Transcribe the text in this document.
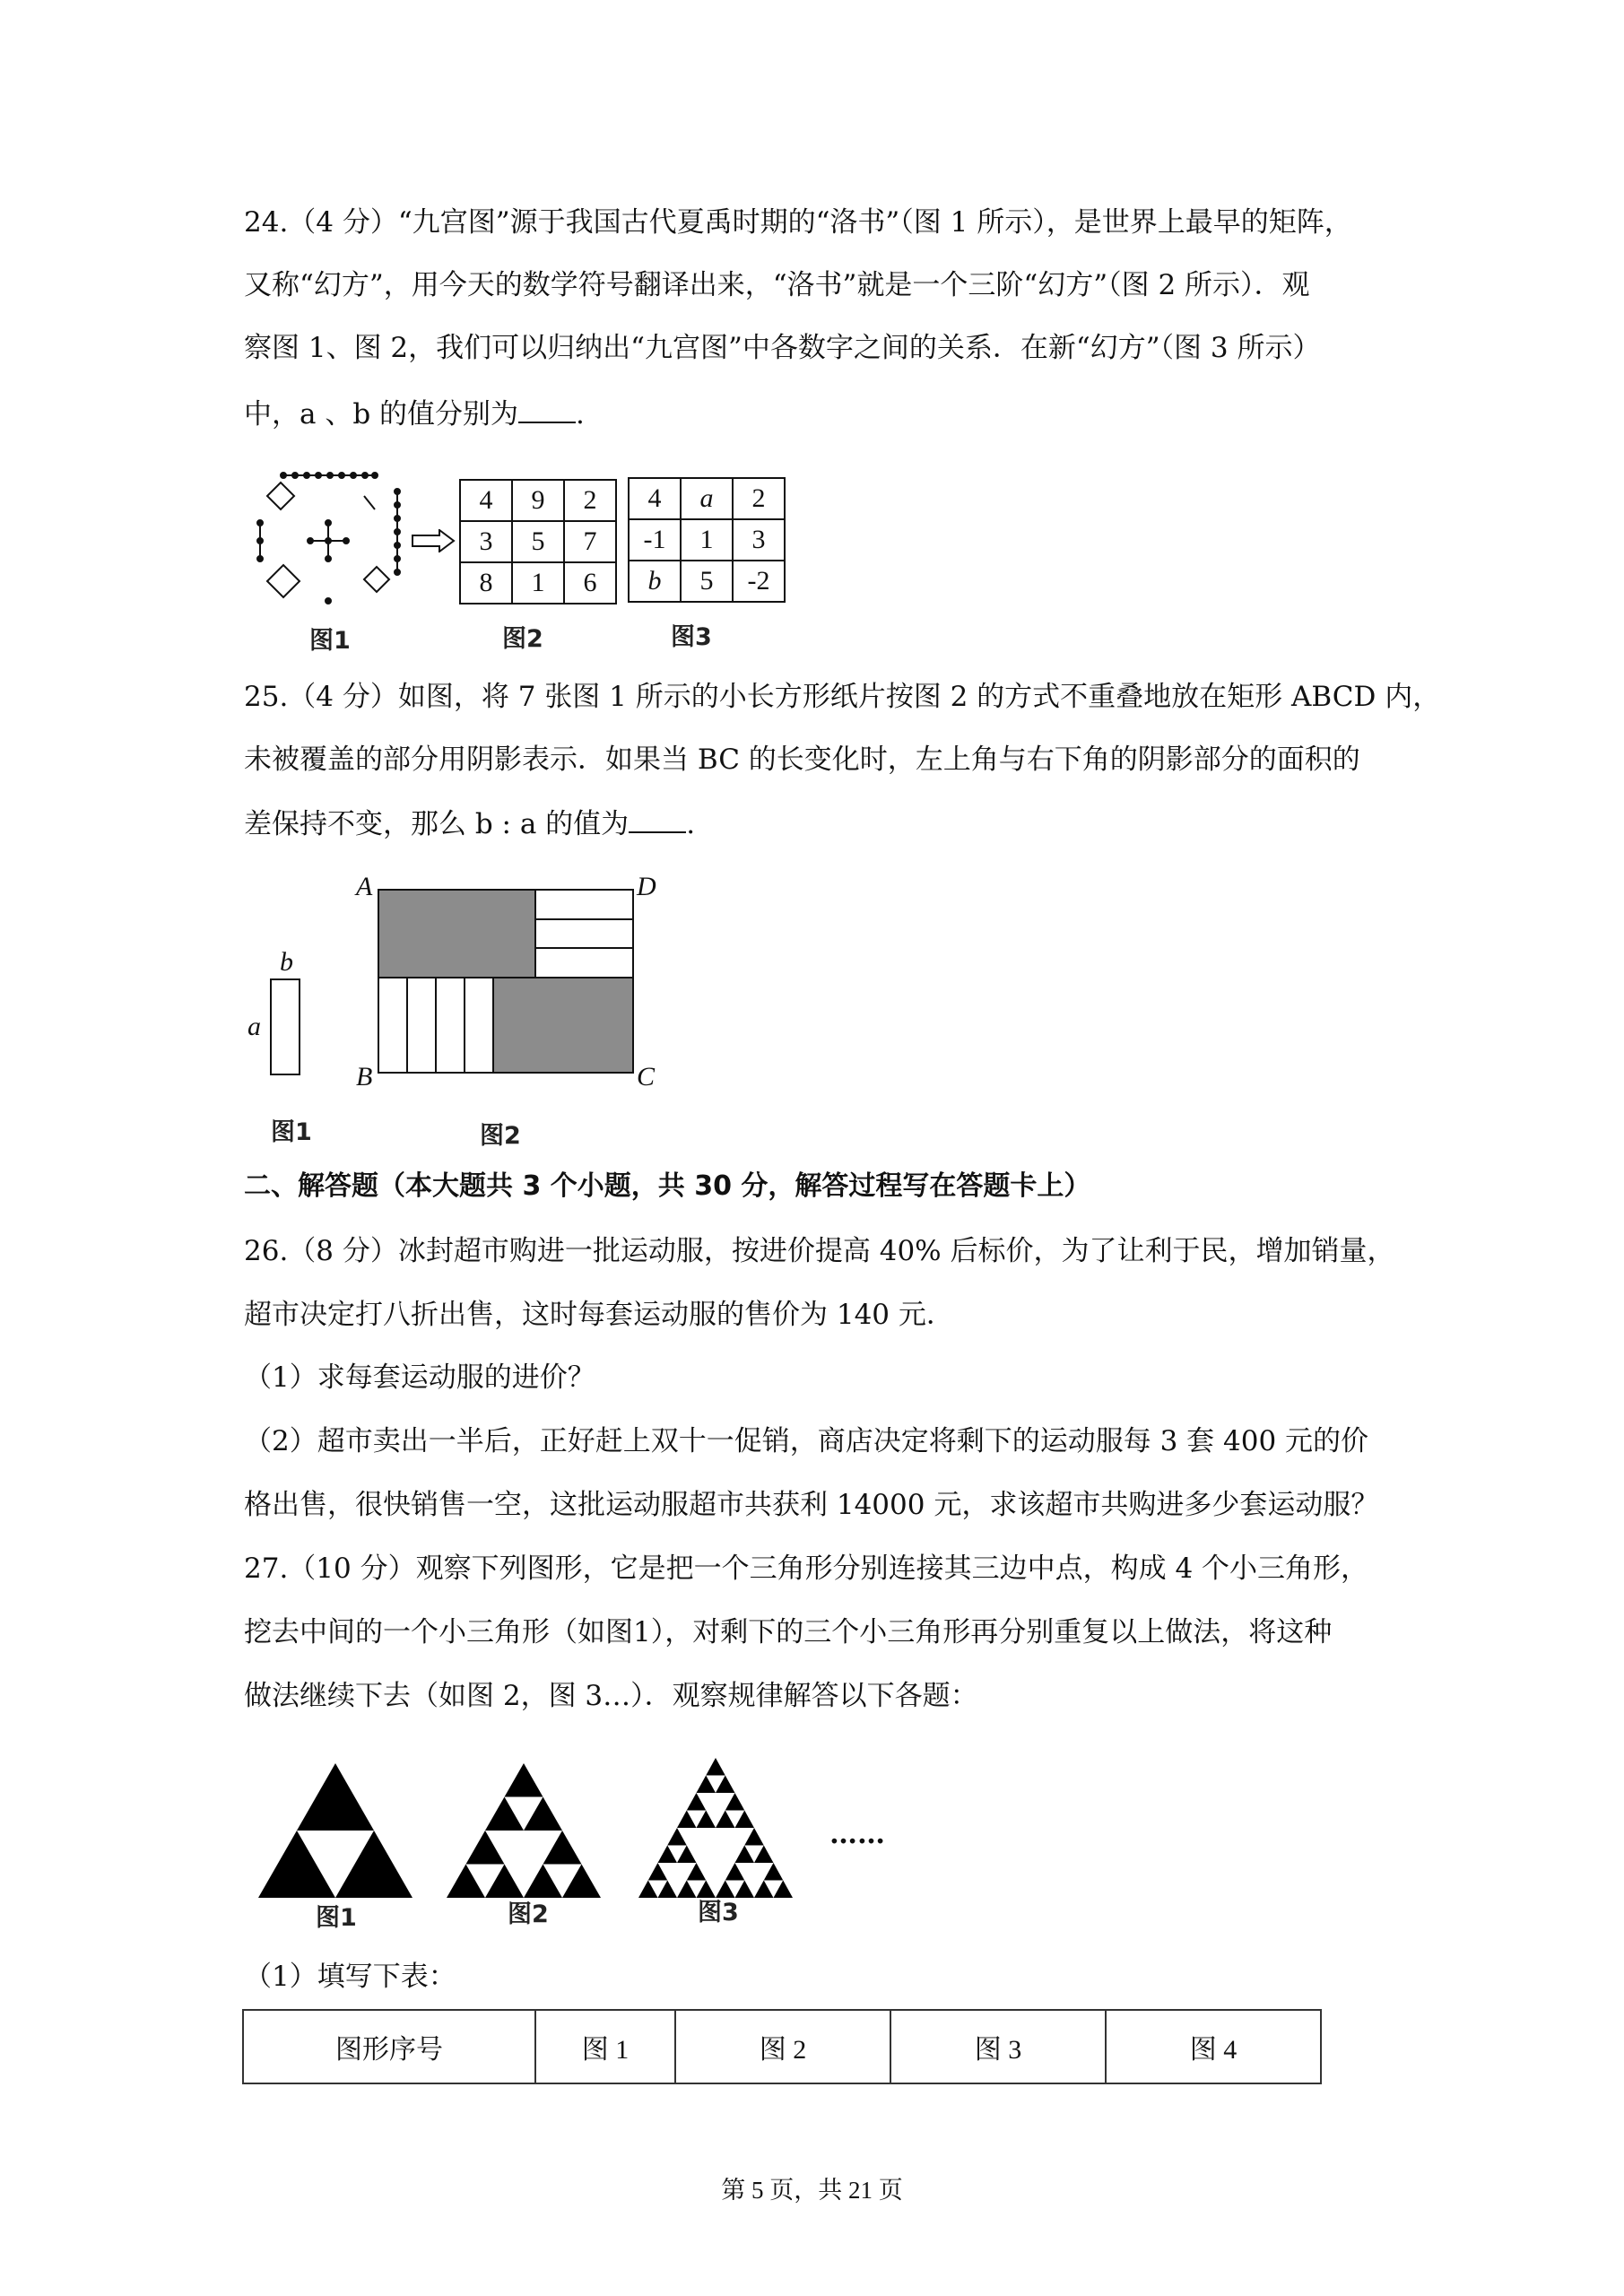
24.（4 分）“九宫图”源于我国古代夏禹时期的“洛书”（图 1 所示），是世界上最早的矩阵，
又称“幻方”，用今天的数学符号翻译出来，“洛书”就是一个三阶“幻方”（图 2 所示）．观
察图 1、图 2，我们可以归纳出“九宫图”中各数字之间的关系．在新“幻方”（图 3 所示）
中，a 、b 的值分别为 .
4	9	2
3	5	7
8	1	6
4	a	2
-1	1	3
b	5	-2
图1	图2	图3
25.（4 分）如图，将 7 张图 1 所示的小长方形纸片按图 2 的方式不重叠地放在矩形 ABCD 内，
未被覆盖的部分用阴影表示．如果当 BC 的长变化时，左上角与右下角的阴影部分的面积的
差保持不变，那么 b : a 的值为 .
b
a
A	D
B	C
图1	图2
二、解答题（本大题共 3 个小题，共 30 分，解答过程写在答题卡上）
26.（8 分）冰封超市购进一批运动服，按进价提高 40% 后标价，为了让利于民，增加销量，
超市决定打八折出售，这时每套运动服的售价为 140 元．
（1）求每套运动服的进价？
（2）超市卖出一半后，正好赶上双十一促销，商店决定将剩下的运动服每 3 套 400 元的价
格出售，很快销售一空，这批运动服超市共获利 14000 元，求该超市共购进多少套运动服？
27.（10 分）观察下列图形，它是把一个三角形分别连接其三边中点，构成 4 个小三角形，
挖去中间的一个小三角形（如图1），对剩下的三个小三角形再分别重复以上做法，将这种
做法继续下去（如图 2，图 3…）．观察规律解答以下各题：
……
图1	图2	图3
（1）填写下表：
图形序号	图 1	图 2	图 3	图 4
第 5 页，共 21 页
